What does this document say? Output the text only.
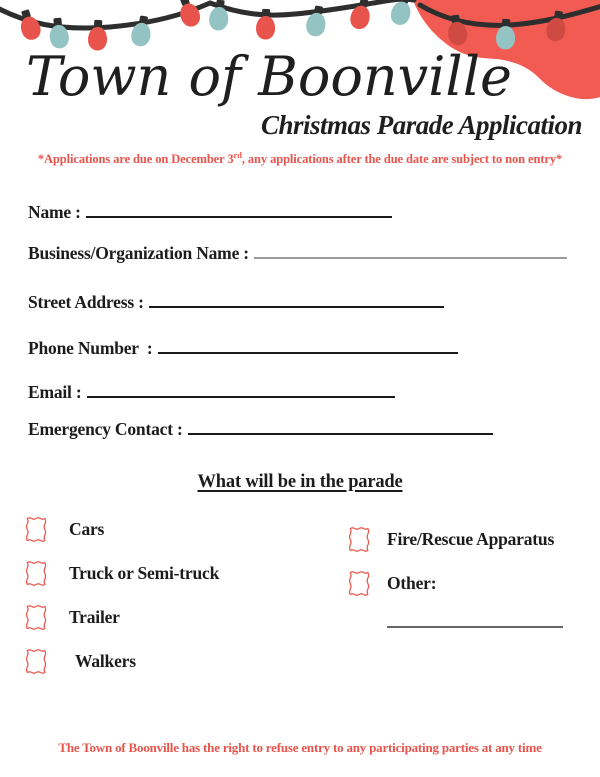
Town of Boonville
Christmas Parade Application
*Applications are due on December 3rd, any applications after the due date are subject to non entry*
Name :
Business/Organization Name :
Street Address :
Phone Number  :
Email :
Emergency Contact :
What will be in the parade
Cars
Truck or Semi-truck
Trailer
Walkers
Fire/Rescue Apparatus
Other:
The Town of Boonville has the right to refuse entry to any participating parties at any time
